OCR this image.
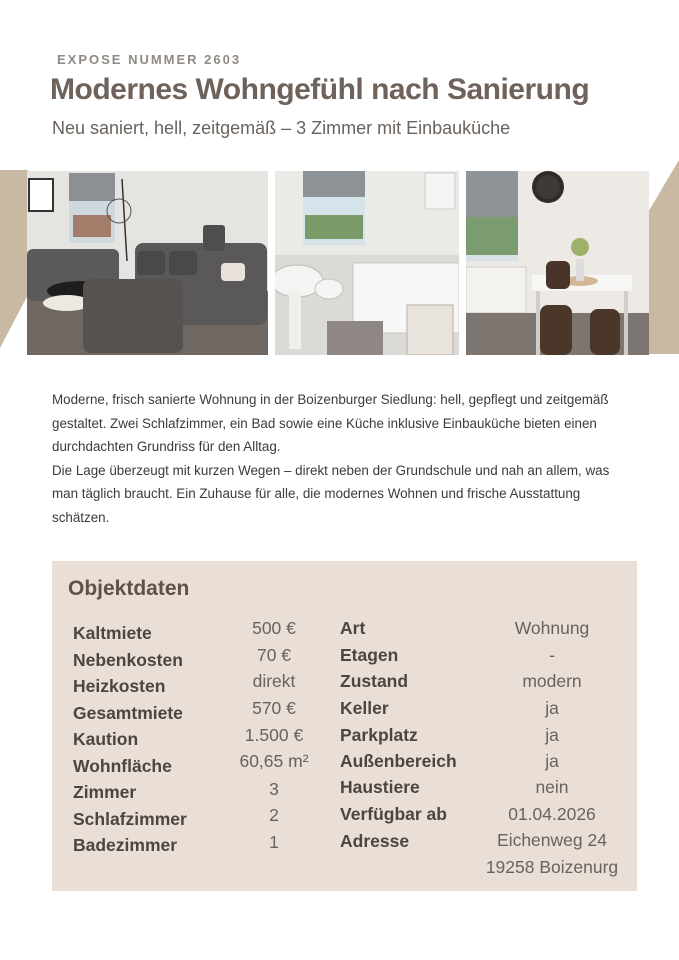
EXPOSE NUMMER 2603
Modernes Wohngefühl nach Sanierung
Neu saniert, hell, zeitgemäß – 3 Zimmer mit Einbauküche

Moderne, frisch sanierte Wohnung in der Boizenburger Siedlung: hell, gepflegt und zeitgemäß gestaltet. Zwei Schlafzimmer, ein Bad sowie eine Küche inklusive Einbauküche bieten einen durchdachten Grundriss für den Alltag.

Die Lage überzeugt mit kurzen Wegen – direkt neben der Grundschule und nah an allem, was man täglich braucht. Ein Zuhause für alle, die modernes Wohnen und frische Ausstattung schätzen.

Objektdaten
Kaltmiete
Nebenkosten
Heizkosten
Gesamtmiete
Kaution
Wohnfläche
Zimmer
Schlafzimmer
Badezimmer
500 €
70 €
direkt
570 €
1.500 €
60,65 m²
3
2
1
Art
Etagen
Zustand
Keller
Parkplatz
Außenbereich
Haustiere
Verfügbar ab
Adresse
Wohnung
-
modern
ja
ja
ja
nein
01.04.2026
Eichenweg 24
19258 Boizenurg
